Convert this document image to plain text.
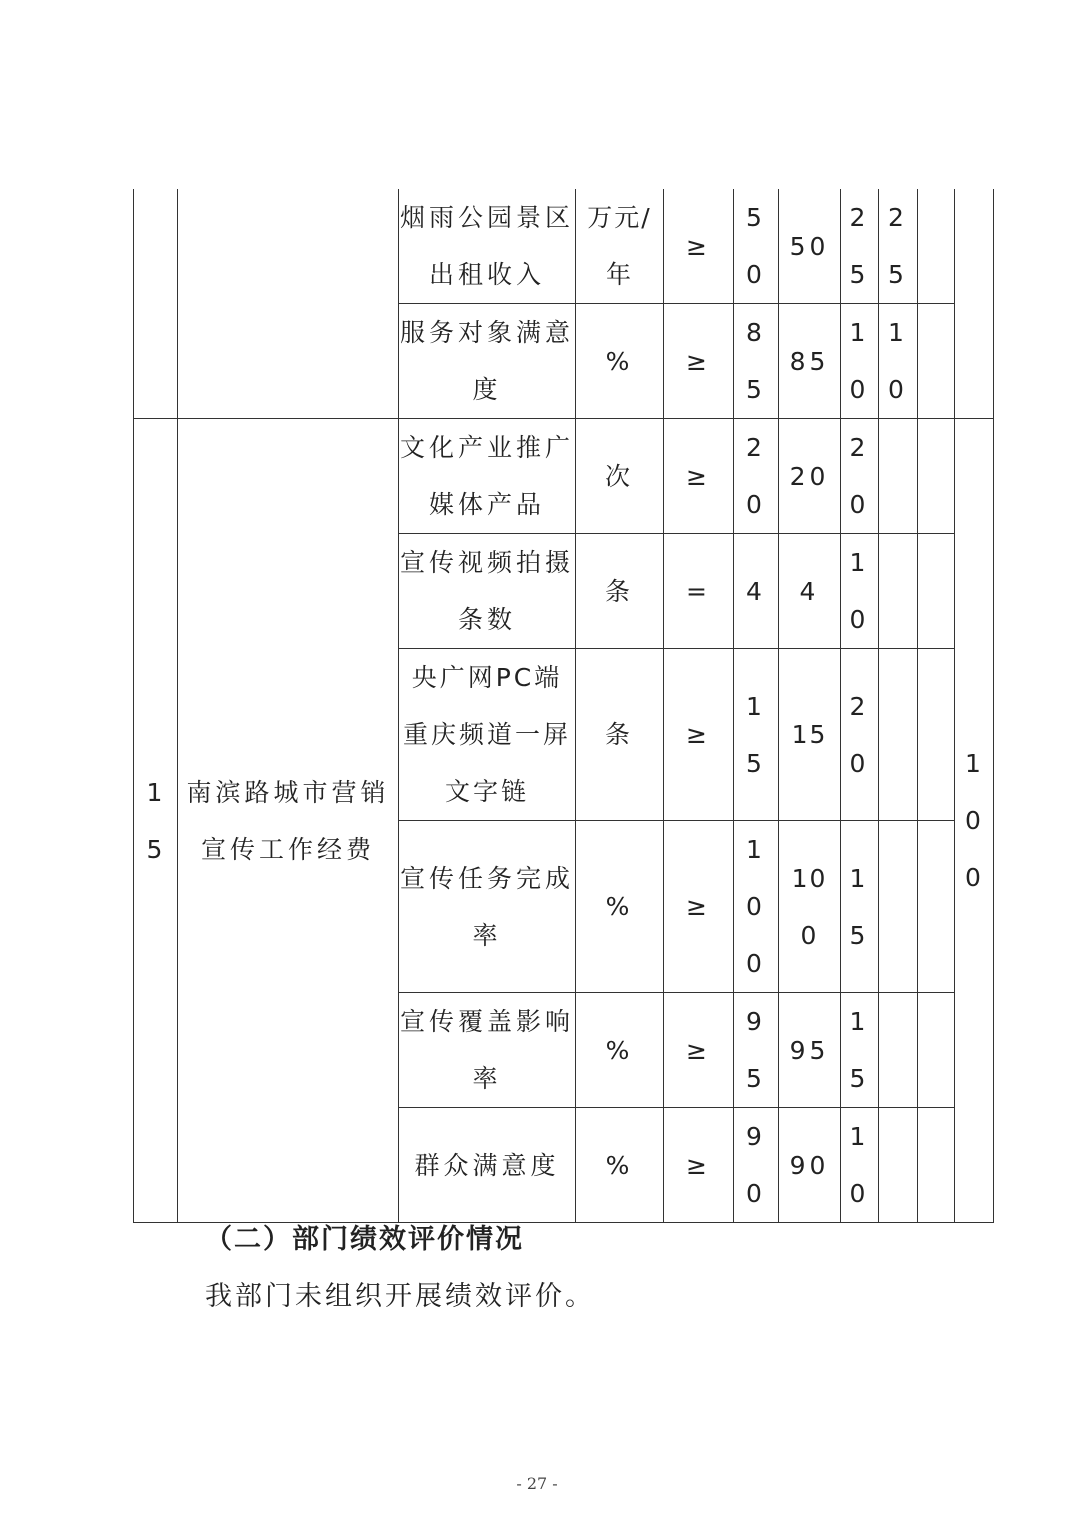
		烟雨公园景区出租收入	万元/年	≥	50	50	25	25		
		服务对象满意度	%	≥	85	85	10	10		
15	南滨路城市营销宣传工作经费	文化产业推广媒体产品	次	≥	20	20	20			100
		宣传视频拍摄条数	条	=	4	4	10			
		央广网PC端重庆频道一屏文字链	条	≥	15	15	20			
		宣传任务完成率	%	≥	100	100	15			
		宣传覆盖影响率	%	≥	95	95	15			
		群众满意度	%	≥	90	90	10			
（二）部门绩效评价情况

我部门未组织开展绩效评价。

- 27 -
